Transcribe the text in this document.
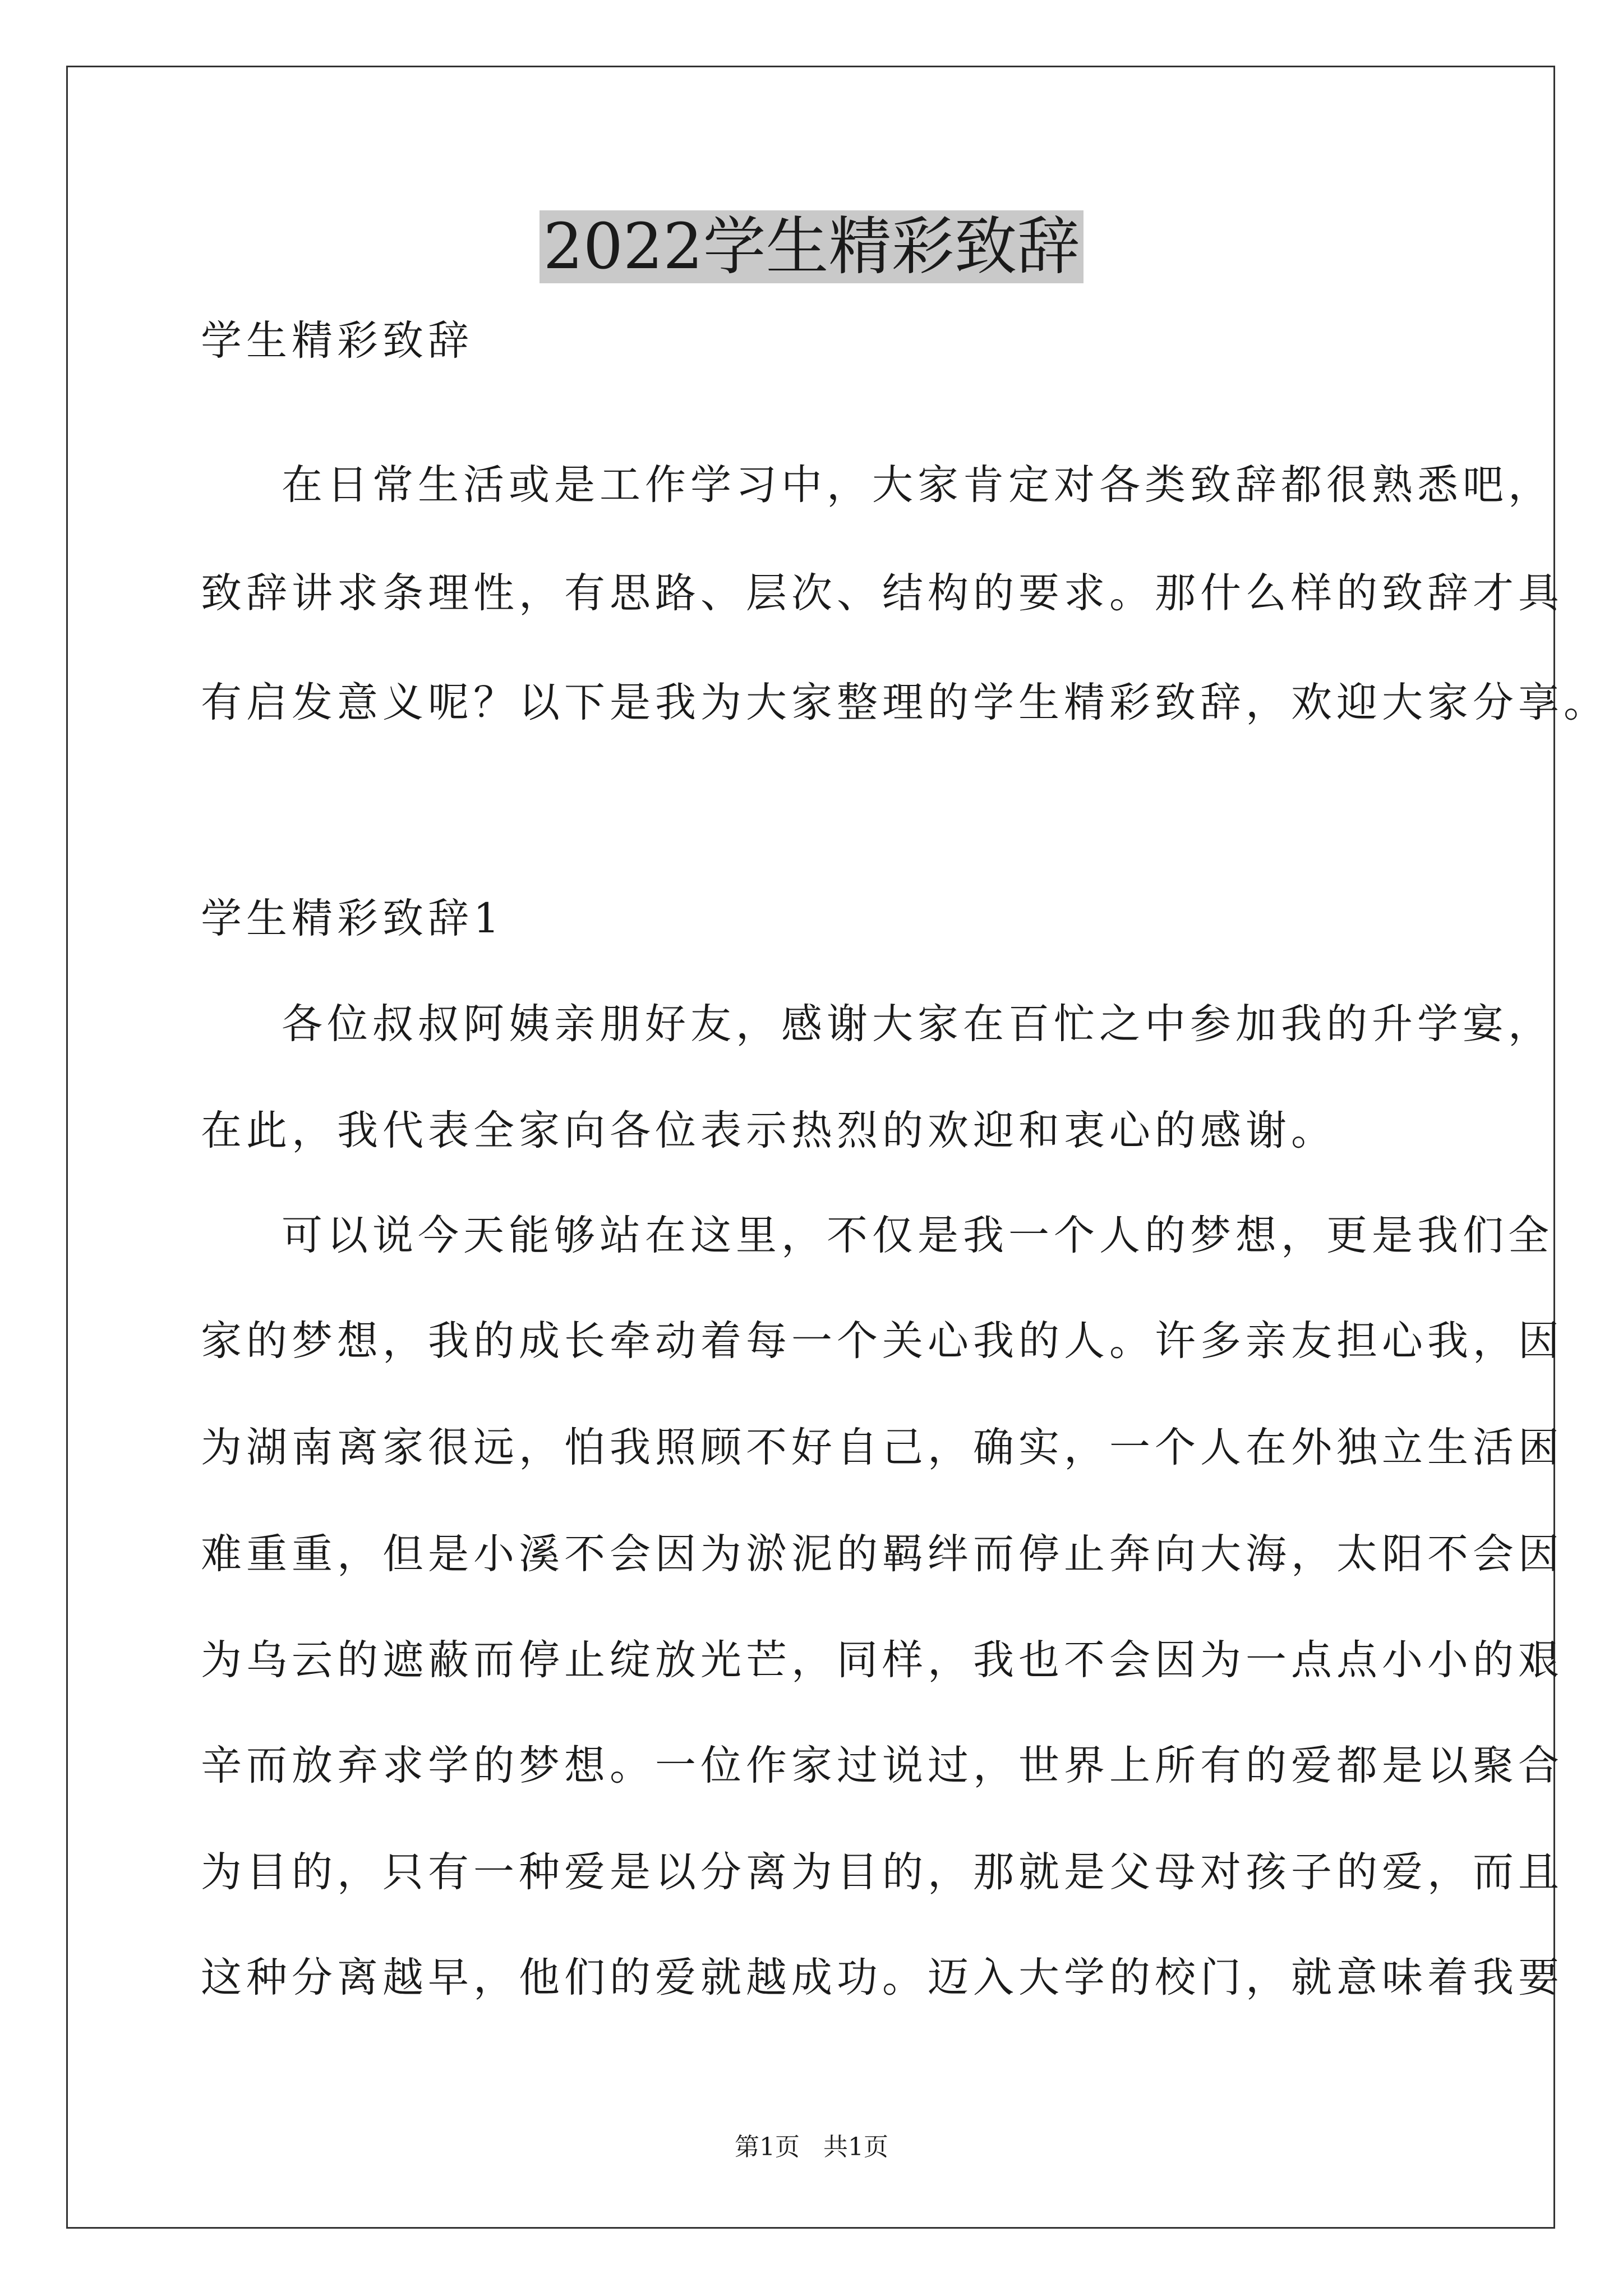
2022学生精彩致辞
学生精彩致辞
在日常生活或是工作学习中，大家肯定对各类致辞都很熟悉吧，
致辞讲求条理性，有思路、层次、结构的要求。那什么样的致辞才具
有启发意义呢？以下是我为大家整理的学生精彩致辞，欢迎大家分享。
学生精彩致辞1
各位叔叔阿姨亲朋好友，感谢大家在百忙之中参加我的升学宴，
在此，我代表全家向各位表示热烈的欢迎和衷心的感谢。
可以说今天能够站在这里，不仅是我一个人的梦想，更是我们全
家的梦想，我的成长牵动着每一个关心我的人。许多亲友担心我，因
为湖南离家很远，怕我照顾不好自己，确实，一个人在外独立生活困
难重重，但是小溪不会因为淤泥的羁绊而停止奔向大海，太阳不会因
为乌云的遮蔽而停止绽放光芒，同样，我也不会因为一点点小小的艰
辛而放弃求学的梦想。一位作家过说过，世界上所有的爱都是以聚合
为目的，只有一种爱是以分离为目的，那就是父母对孩子的爱，而且
这种分离越早，他们的爱就越成功。迈入大学的校门，就意味着我要
第1页   共1页
